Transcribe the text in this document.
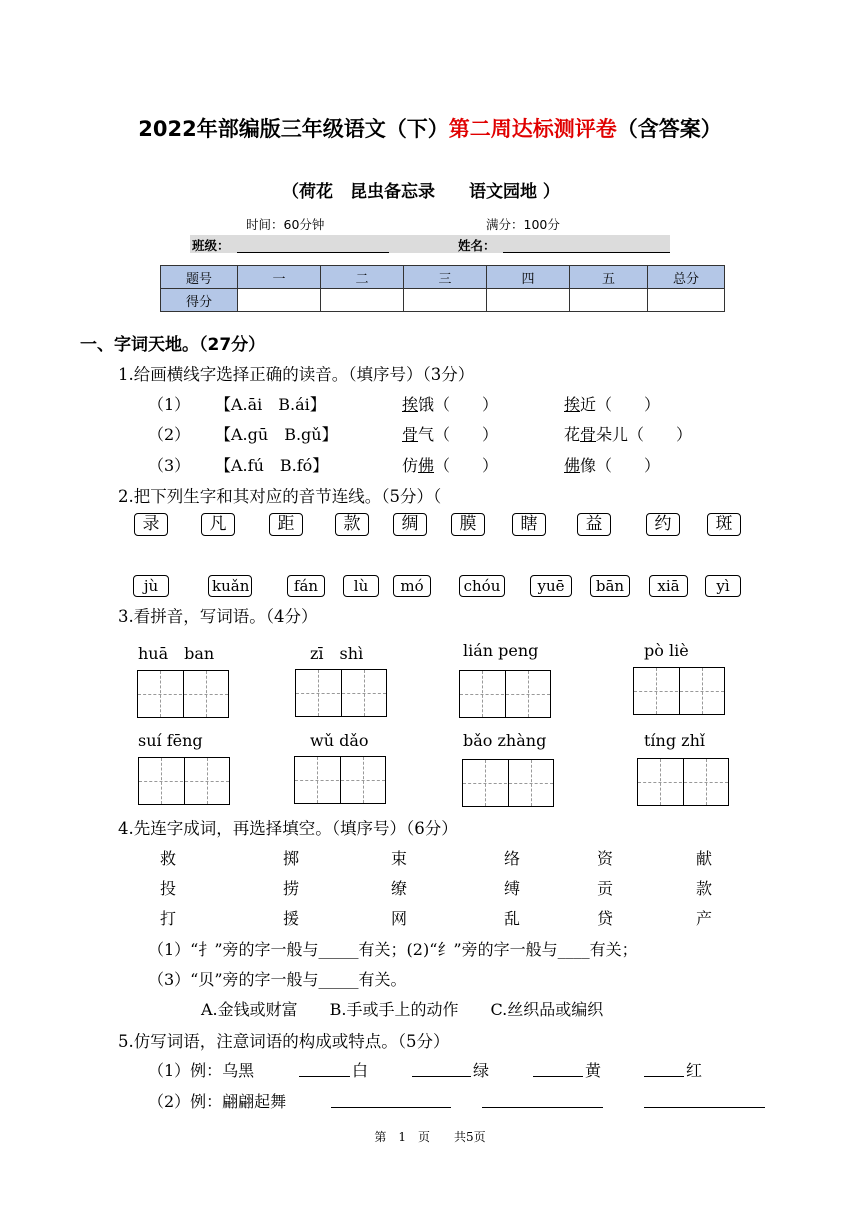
2022年部编版三年级语文（下）第二周达标测评卷（含答案）
（荷花　昆虫备忘录　　语文园地 ）
时间：60分钟	满分：100分
班级：	姓名：
题号	一	二	三	四	五	总分
得分						
一、字词天地。（27分）
1.给画横线字选择正确的读音。（填序号）（3分）
（1） 【A.āi　B.ái】	挨饿（　　）	挨近（　　）
（2） 【A.gū　B.gǔ】	骨气（　　）	花骨朵儿（　　）
（3） 【A.fú　B.fó】	仿佛（　　）	佛像（　　）
2.把下列生字和其对应的音节连线。（5分）（
录	凡	距	款	绸	膜	瞎	益	约	斑
jù	kuǎn	fán	lù	mó	chóu	yuē	bān	xiā	yì
3.看拼音，写词语。（4分）
huā　ban	zī　shì	lián peng	pò liè
suí fēng	wǔ dǎo	bǎo zhàng	tíng zhǐ
4.先连字成词，再选择填空。（填序号）（6分）
救	掷	束	络	资	献
投	捞	缭	缚	贡	款
打	援	网	乱	贷	产
（1）“扌”旁的字一般与_____有关；(2)“纟”旁的字一般与____有关；
（3）“贝”旁的字一般与_____有关。
A.金钱或财富　　B.手或手上的动作　　C.丝织品或编织
5.仿写词语，注意词语的构成或特点。（5分）
（1）例：乌黑	白	绿	黄	红
（2）例：翩翩起舞
第　1　页　　共5页
